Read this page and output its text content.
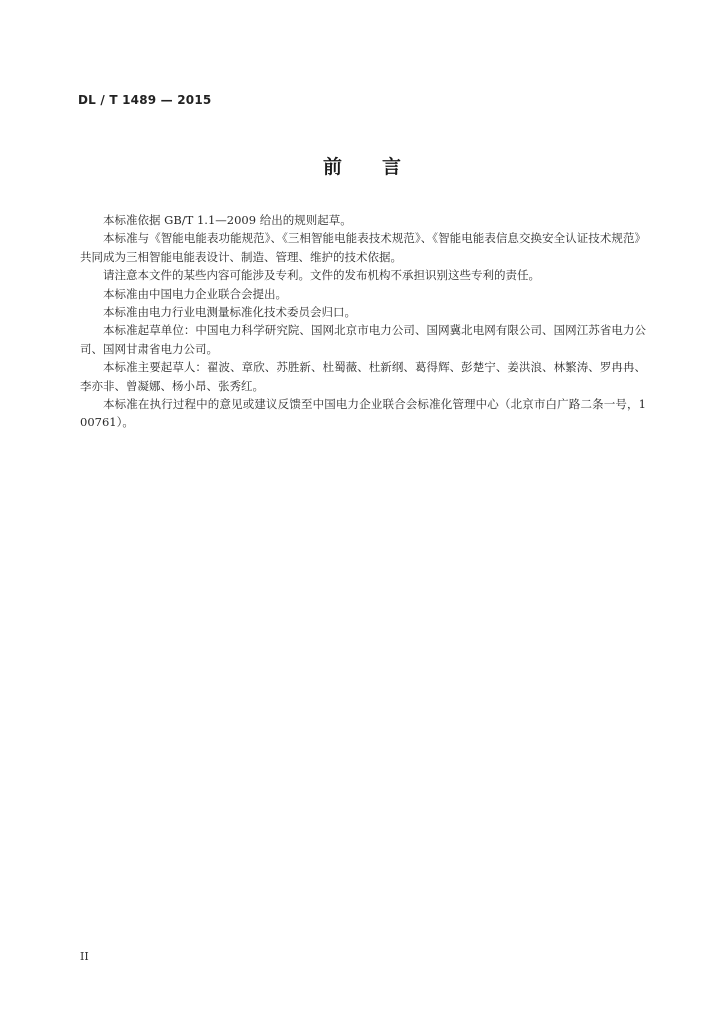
DL / T 1489 — 2015
前言

本标准依据 GB/T 1.1—2009 给出的规则起草。

本标准与《智能电能表功能规范》、《三相智能电能表技术规范》、《智能电能表信息交换安全认证技术规范》共同成为三相智能电能表设计、制造、管理、维护的技术依据。

请注意本文件的某些内容可能涉及专利。文件的发布机构不承担识别这些专利的责任。

本标准由中国电力企业联合会提出。

本标准由电力行业电测量标准化技术委员会归口。

本标准起草单位：中国电力科学研究院、国网北京市电力公司、国网冀北电网有限公司、国网江苏省电力公司、国网甘肃省电力公司。

本标准主要起草人：翟波、章欣、苏胜新、杜蜀薇、杜新纲、葛得辉、彭楚宁、姜洪浪、林繁涛、罗冉冉、李亦非、曾凝娜、杨小昂、张秀红。

本标准在执行过程中的意见或建议反馈至中国电力企业联合会标准化管理中心（北京市白广路二条一号，100761）。

II
